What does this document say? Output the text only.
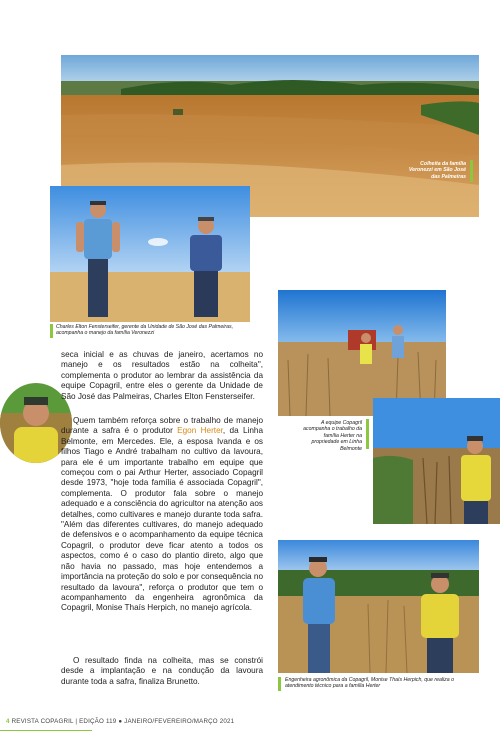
Colheita da família Veronezzi em São José das Palmeiras
Charles Elton Fensterseifer, gerente da Unidade de São José das Palmeiras, acompanha o manejo da família Veronezzi
A equipe Copagril acompanha o trabalho da família Herter na propriedade em Linha Belmonte
Engenheira agronômica da Copagril, Monise Thaís Herpich, que realiza o atendimento técnico para a família Herter

seca inicial e as chuvas de janeiro, acertamos no manejo e os resultados estão na colheita", complementa o produtor ao lembrar da assistência da equipe Copagril, entre eles o gerente da Unidade de São José das Palmeiras, Charles Elton Fensterseifer.

Quem também reforça sobre o trabalho de manejo durante a safra é o produtor Egon Herter, da Linha Belmonte, em Mercedes. Ele, a esposa Ivanda e os filhos Tiago e André trabalham no cultivo da lavoura, para ele é um importante trabalho em equipe que começou com o pai Arthur Herter, associado Copagril desde 1973, "hoje toda família é associada Copagril", complementa. O produtor fala sobre o manejo adequado e a consciência do agricultor na atenção aos detalhes, como cultivares e manejo durante toda safra. "Além das diferentes cultivares, do manejo adequado de defensivos e o acompanhamento da equipe técnica Copagril, o produtor deve ficar atento a todos os aspectos, como é o caso do plantio direto, algo que não havia no passado, mas hoje entendemos a importância na proteção do solo e por consequência no resultado da lavoura", reforça o produtor que tem o acompanhamento da engenheira agronômica da Copagril, Monise Thaís Herpich, no manejo agrícola.

O resultado finda na colheita, mas se constrói desde a implantação e na condução da lavoura durante toda a safra, finaliza Brunetto.

4 REVISTA COPAGRIL | EDIÇÃO 119 ● JANEIRO/FEVEREIRO/MARÇO 2021
